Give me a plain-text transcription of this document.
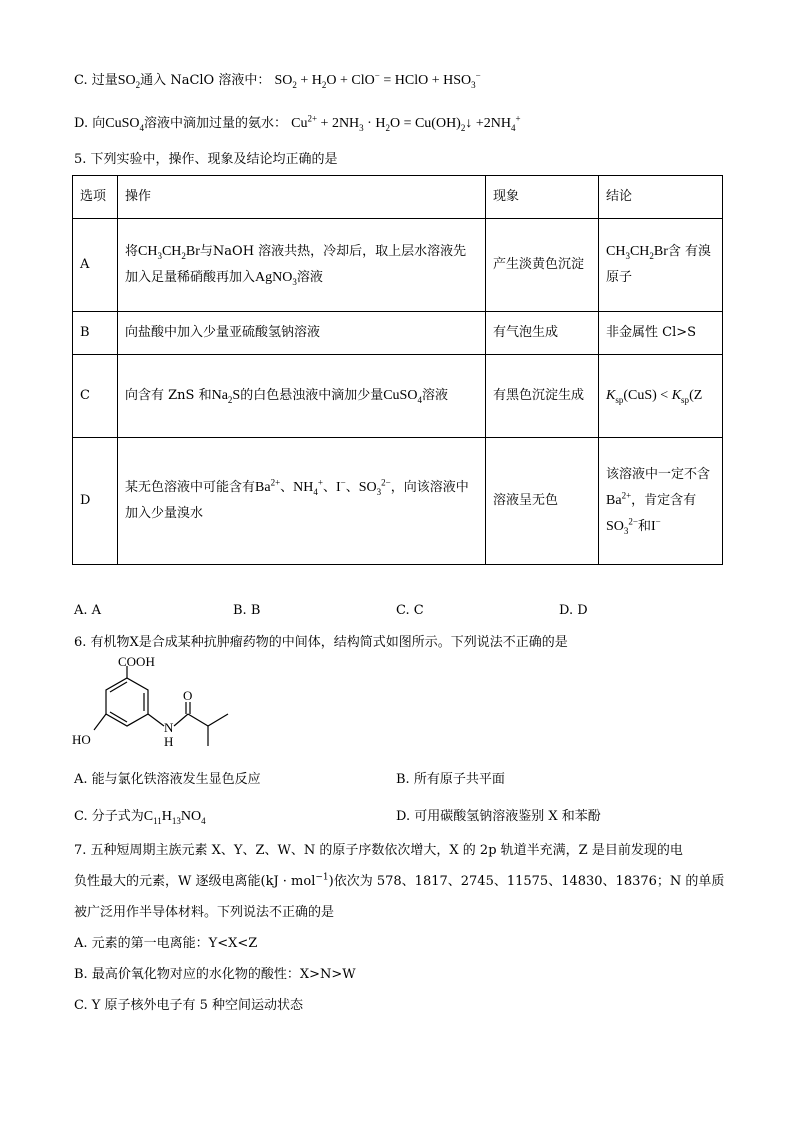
C. 过量$SO_2$通入 NaClO 溶液中： $SO_2 + H_2O + ClO^-$ = HClO + $HSO_3^-$
D. 向CuSO$_4$溶液中滴加过量的氨水： $Cu^{2+} + 2NH_3 \cdot H_2O$ = $Cu(OH)_2↓ +2NH_4^+$
5. 下列实验中，操作、现象及结论均正确的是
选项	操作	现象	结论
A	将$CH_3CH_2Br$与NaOH 溶液共热，冷却后，取上层水溶液先加入足量稀硝酸再加入AgNO$_3$溶液	产生淡黄色沉淀	$CH_3CH_2Br$含 有溴原子
B	向盐酸中加入少量亚硫酸氢钠溶液	有气泡生成	非金属性 Cl>S
C	向含有 ZnS 和$Na_2S$的白色悬浊液中滴加少量CuSO$_4$溶液	有黑色沉淀生成	$K_{sp}(CuS) < K_{sp}(Z$
D	某无色溶液中可能含有$Ba^{2+}$、$NH_4^+$、I−、$SO_3^{2-}$，向该溶液中加入少量溴水	溶液呈无色	该溶液中一定不含$Ba^{2+}$，肯定含有$SO_3^{2-}$和I−
A. A	B. B	C. C	D. D
6. 有机物X是合成某种抗肿瘤药物的中间体，结构简式如图所示。下列说法不正确的是
COOH
HO
O
N
H
A. 能与氯化铁溶液发生显色反应	B. 所有原子共平面
C. 分子式为$C_{11}H_{13}NO_4$	D. 可用碳酸氢钠溶液鉴别 X 和苯酚
7. 五种短周期主族元素 X、Y、Z、W、N 的原子序数依次增大，X 的 2p 轨道半充满，Z 是目前发现的电
负性最大的元素，W 逐级电离能(kJ · mol$^{-1}$)依次为 578、1817、2745、11575、14830、18376；N 的单质
被广泛用作半导体材料。下列说法不正确的是
A. 元素的第一电离能：Y<X<Z
B. 最高价氧化物对应的水化物的酸性：X>N>W
C. Y 原子核外电子有 5 种空间运动状态
